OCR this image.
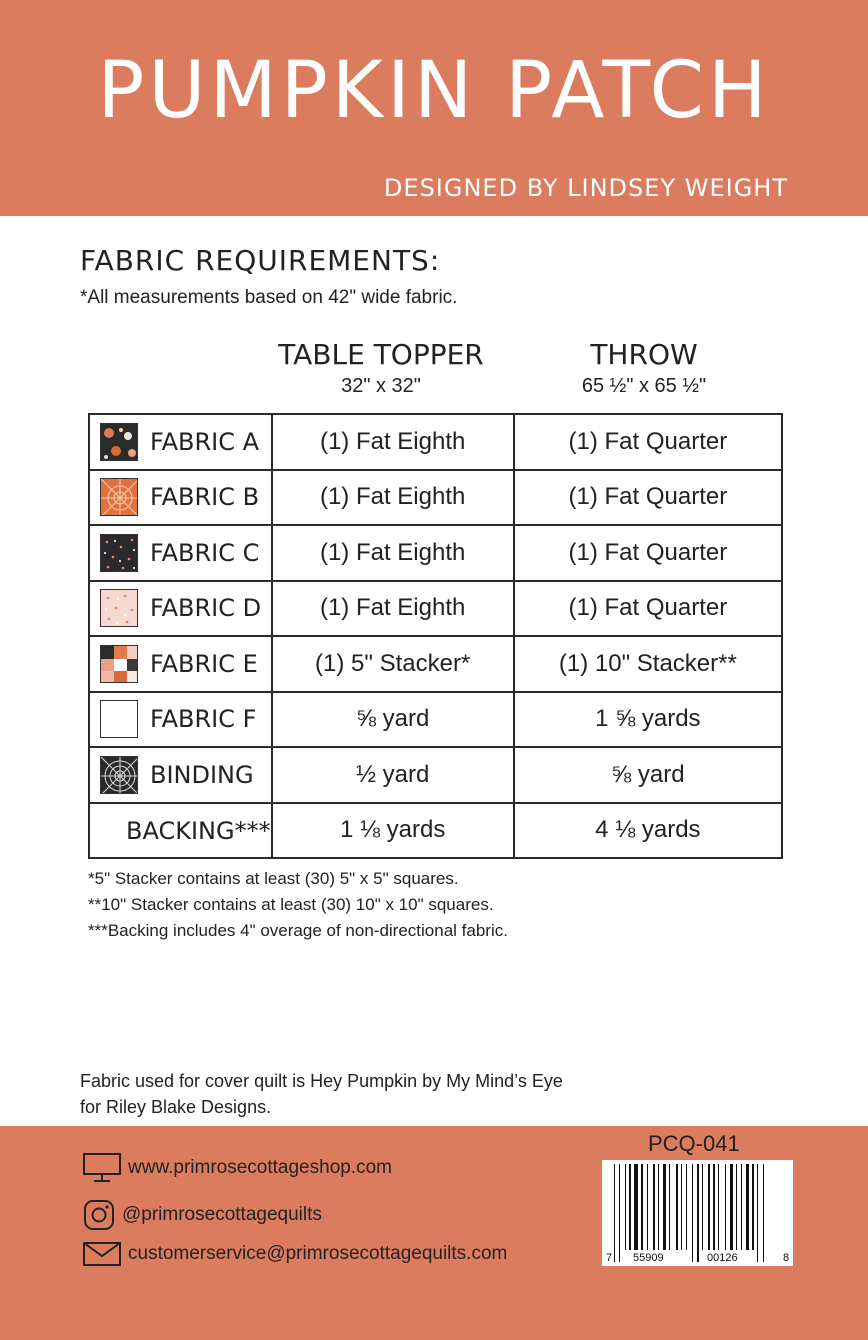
PUMPKIN PATCH
DESIGNED BY LINDSEY WEIGHT
FABRIC REQUIREMENTS:
*All measurements based on 42" wide fabric.
TABLE TOPPER
32" x 32"
THROW
65 ½" x 65 ½"
FABRIC A	(1) Fat Eighth	(1) Fat Quarter
FABRIC B	(1) Fat Eighth	(1) Fat Quarter
FABRIC C	(1) Fat Eighth	(1) Fat Quarter
FABRIC D	(1) Fat Eighth	(1) Fat Quarter
FABRIC E	(1) 5" Stacker*	(1) 10" Stacker**
FABRIC F	⅝ yard	1 ⅝ yards
BINDING	½ yard	⅝ yard
BACKING***	1 ⅛ yards	4 ⅛ yards
*5" Stacker contains at least (30) 5" x 5" squares.
**10" Stacker contains at least (30) 10" x 10" squares.
***Backing includes 4" overage of non-directional fabric.
Fabric used for cover quilt is Hey Pumpkin by My Mind’s Eye
for Riley Blake Designs.
www.primrosecottageshop.com
@primrosecottagequilts
customerservice@primrosecottagequilts.com
PCQ-041
7 55909	00126	8
